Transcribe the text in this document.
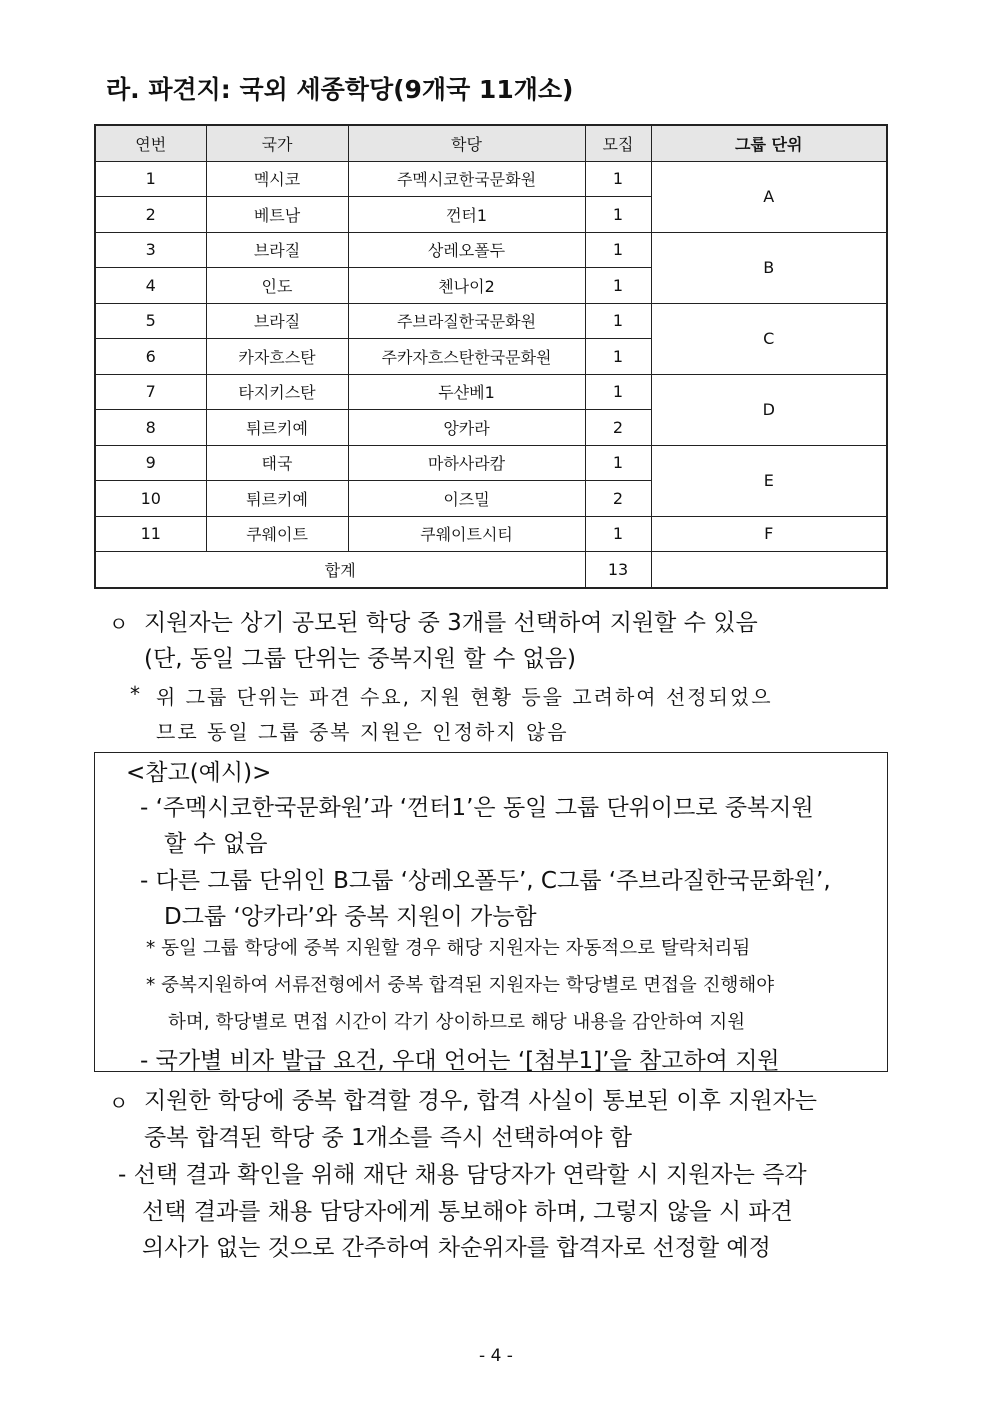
라. 파견지: 국외 세종학당(9개국 11개소)
연번	국가	학당	모집	그룹 단위
1	멕시코	주멕시코한국문화원	1	A
2	베트남	껀터1	1	
3	브라질	상레오폴두	1	B
4	인도	첸나이2	1	
5	브라질	주브라질한국문화원	1	C
6	카자흐스탄	주카자흐스탄한국문화원	1	
7	타지키스탄	두샨베1	1	D
8	튀르키예	앙카라	2	
9	태국	마하사라캄	1	E
10	튀르키예	이즈밀	2	
11	쿠웨이트	쿠웨이트시티	1	F
합계			13	
ㅇ 지원자는 상기 공모된 학당 중 3개를 선택하여 지원할 수 있음
(단, 동일 그룹 단위는 중복지원 할 수 없음)
* 위 그룹 단위는 파견 수요, 지원 현황 등을 고려하여 선정되었으
므로 동일 그룹 중복 지원은 인정하지 않음
<참고(예시)>
- ‘주멕시코한국문화원’과 ‘껀터1’은 동일 그룹 단위이므로 중복지원
할 수 없음
- 다른 그룹 단위인 B그룹 ‘상레오폴두’, C그룹 ‘주브라질한국문화원’,
D그룹 ‘앙카라’와 중복 지원이 가능함
* 동일 그룹 학당에 중복 지원할 경우 해당 지원자는 자동적으로 탈락처리됨
* 중복지원하여 서류전형에서 중복 합격된 지원자는 학당별로 면접을 진행해야
하며, 학당별로 면접 시간이 각기 상이하므로 해당 내용을 감안하여 지원
- 국가별 비자 발급 요건, 우대 언어는 ‘[첨부1]’을 참고하여 지원
ㅇ 지원한 학당에 중복 합격할 경우, 합격 사실이 통보된 이후 지원자는
중복 합격된 학당 중 1개소를 즉시 선택하여야 함
- 선택 결과 확인을 위해 재단 채용 담당자가 연락할 시 지원자는 즉각
선택 결과를 채용 담당자에게 통보해야 하며, 그렇지 않을 시 파견
의사가 없는 것으로 간주하여 차순위자를 합격자로 선정할 예정
- 4 -
